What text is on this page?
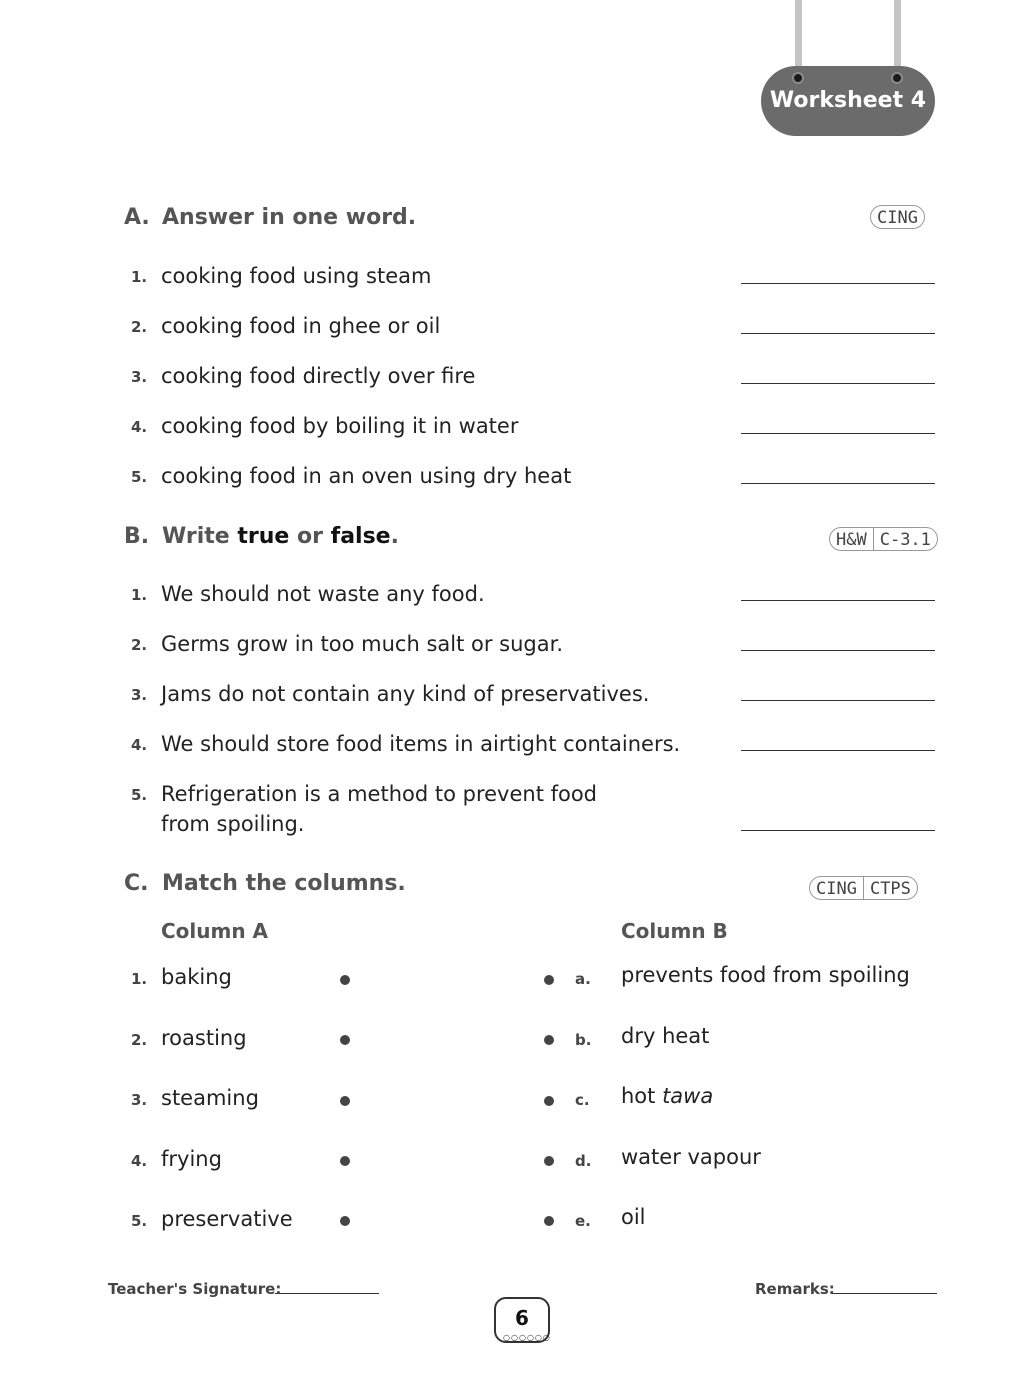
Worksheet 4
A. Answer in one word.	CING
1. cooking food using steam
2. cooking food in ghee or oil
3. cooking food directly over fire
4. cooking food by boiling it in water
5. cooking food in an oven using dry heat
B. Write true or false.	H&W C-3.1
1. We should not waste any food.
2. Germs grow in too much salt or sugar.
3. Jams do not contain any kind of preservatives.
4. We should store food items in airtight containers.
5. Refrigeration is a method to prevent food
from spoiling.
C. Match the columns.	CING CTPS
Column A	Column B
1. baking	a. prevents food from spoiling
2. roasting	b. dry heat
3. steaming	c. hot tawa
4. frying	d. water vapour
5. preservative	e. oil
Teacher's Signature:	Remarks:
6
○○○○○○
